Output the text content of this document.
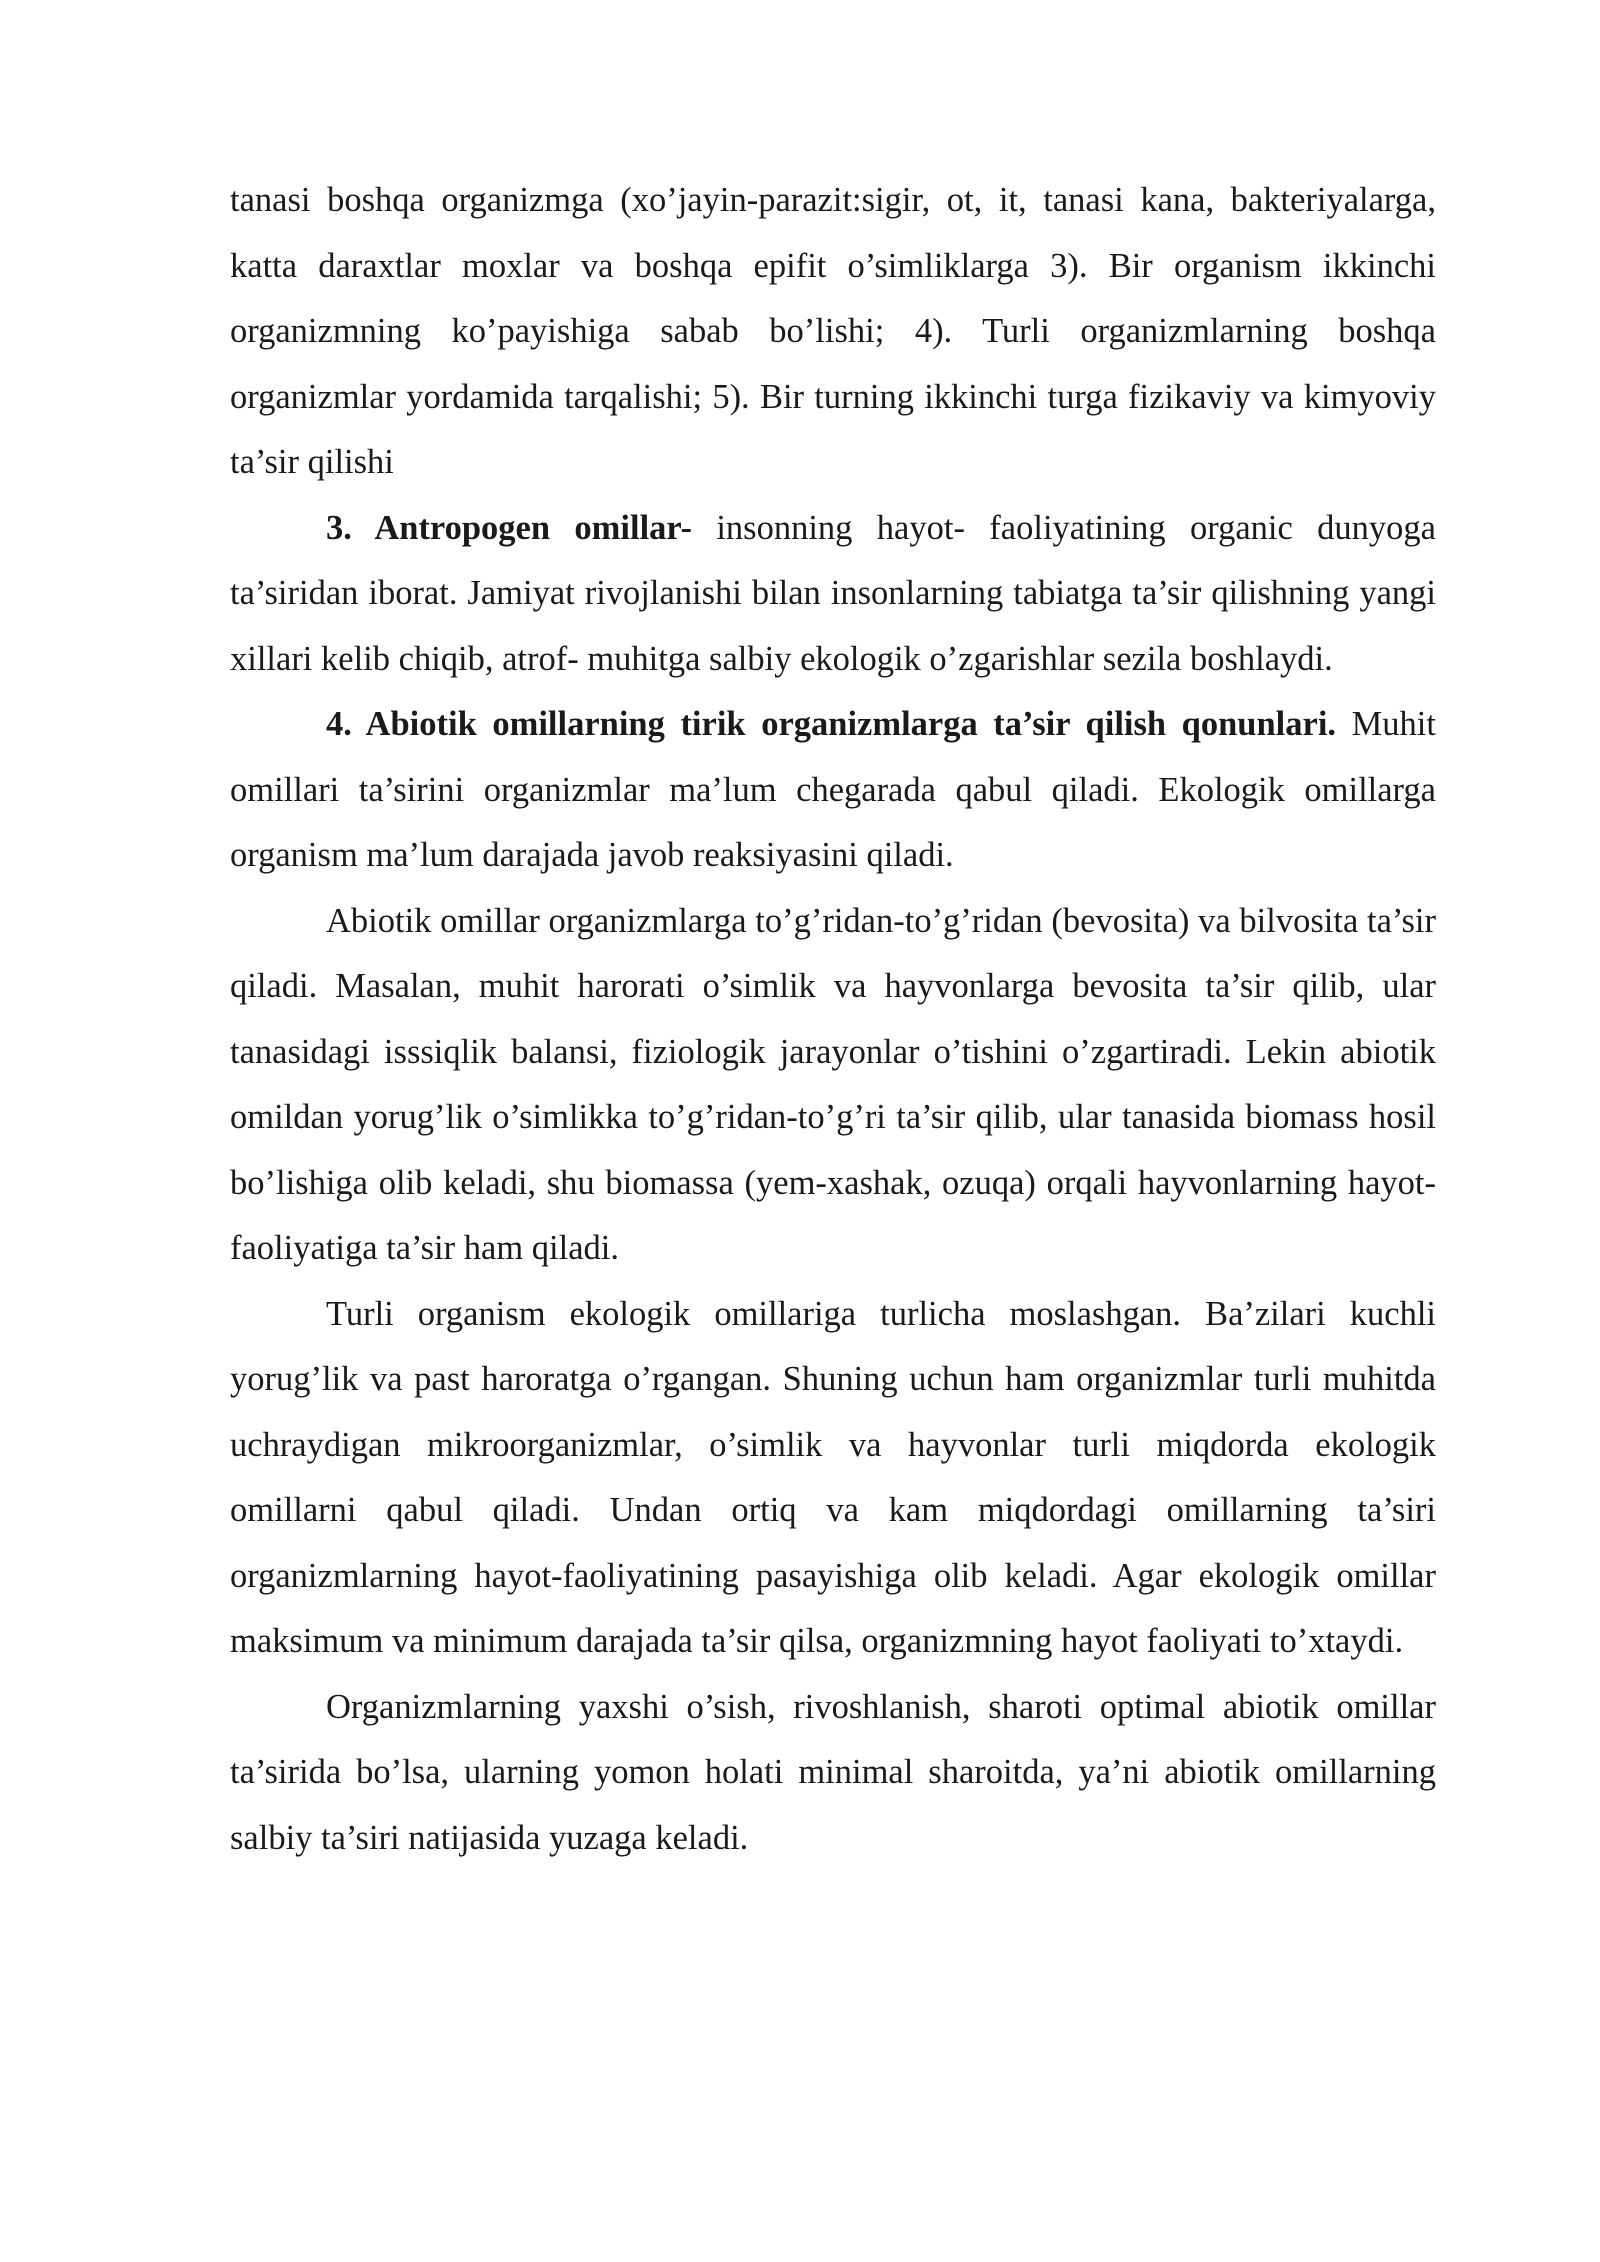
tanasi boshqa organizmga (xo’jayin-parazit:sigir, ot, it, tanasi kana, bakteriyalarga, katta daraxtlar moxlar va boshqa epifit o’simliklarga 3). Bir organism ikkinchi organizmning ko’payishiga sabab bo’lishi; 4). Turli organizmlarning boshqa organizmlar yordamida tarqalishi; 5). Bir turning ikkinchi turga fizikaviy va kimyoviy ta’sir qilishi

3. Antropogen omillar- insonning hayot- faoliyatining organic dunyoga ta’siridan iborat. Jamiyat rivojlanishi bilan insonlarning tabiatga ta’sir qilishning yangi xillari kelib chiqib, atrof- muhitga salbiy ekologik o’zgarishlar sezila boshlaydi.

4. Abiotik omillarning tirik organizmlarga ta’sir qilish qonunlari. Muhit omillari ta’sirini organizmlar ma’lum chegarada qabul qiladi. Ekologik omillarga organism ma’lum darajada javob reaksiyasini qiladi.

Abiotik omillar organizmlarga to’g’ridan-to’g’ridan (bevosita) va bilvosita ta’sir qiladi. Masalan, muhit harorati o’simlik va hayvonlarga bevosita ta’sir qilib, ular tanasidagi isssiqlik balansi, fiziologik jarayonlar o’tishini o’zgartiradi. Lekin abiotik omildan yorug’lik o’simlikka to’g’ridan-to’g’ri ta’sir qilib, ular tanasida biomass hosil bo’lishiga olib keladi, shu biomassa (yem-xashak, ozuqa) orqali hayvonlarning hayot-faoliyatiga ta’sir ham qiladi.

Turli organism ekologik omillariga turlicha moslashgan. Ba’zilari kuchli yorug’lik va past haroratga o’rgangan. Shuning uchun ham organizmlar turli muhitda uchraydigan mikroorganizmlar, o’simlik va hayvonlar turli miqdorda ekologik omillarni qabul qiladi. Undan ortiq va kam miqdordagi omillarning ta’siri organizmlarning hayot-faoliyatining pasayishiga olib keladi. Agar ekologik omillar maksimum va minimum darajada ta’sir qilsa, organizmning hayot faoliyati to’xtaydi.

Organizmlarning yaxshi o’sish, rivoshlanish, sharoti optimal abiotik omillar ta’sirida bo’lsa, ularning yomon holati minimal sharoitda, ya’ni abiotik omillarning salbiy ta’siri natijasida yuzaga keladi.
